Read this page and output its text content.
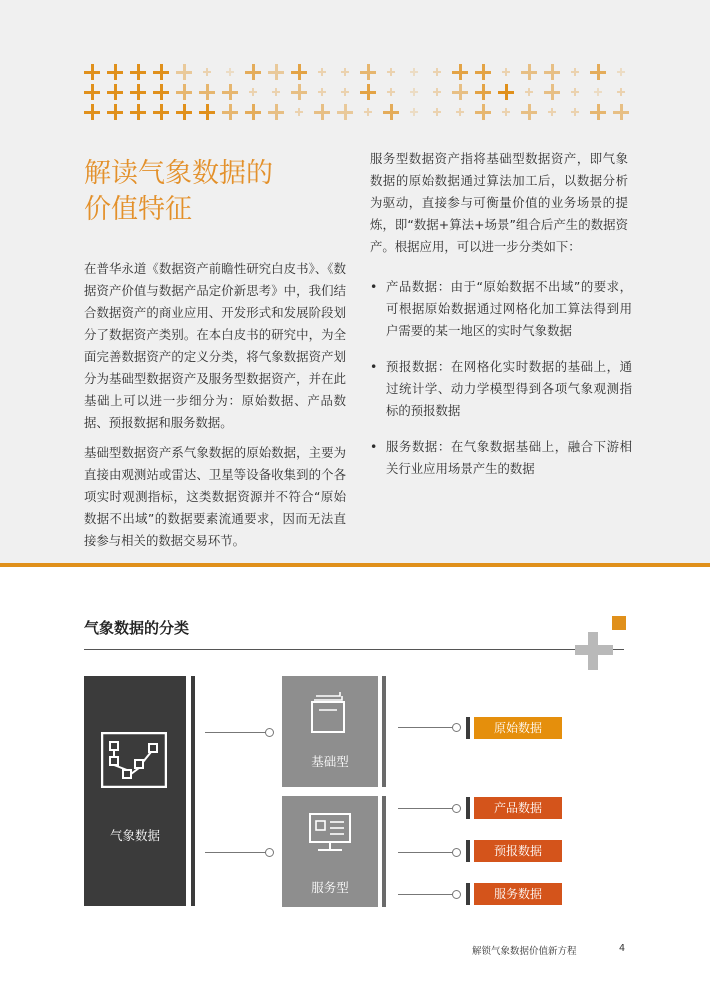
解读气象数据的
价值特征

在普华永道《数据资产前瞻性研究白皮书》、《数据资产价值与数据产品定价新思考》中，我们结合数据资产的商业应用、开发形式和发展阶段划分了数据资产类别。在本白皮书的研究中，为全面完善数据资产的定义分类，将气象数据资产划分为基础型数据资产及服务型数据资产，并在此基础上可以进一步细分为：原始数据、产品数据、预报数据和服务数据。

基础型数据资产系气象数据的原始数据，主要为直接由观测站或雷达、卫星等设备收集到的个各项实时观测指标，这类数据资源并不符合“原始数据不出域”的数据要素流通要求，因而无法直接参与相关的数据交易环节。

服务型数据资产指将基础型数据资产，即气象数据的原始数据通过算法加工后，以数据分析为驱动，直接参与可衡量价值的业务场景的提炼，即“数据+算法+场景”组合后产生的数据资产。根据应用，可以进一步分类如下：

• 产品数据：由于“原始数据不出域”的要求，可根据原始数据通过网格化加工算法得到用户需要的某一地区的实时气象数据
• 预报数据：在网格化实时数据的基础上，通过统计学、动力学模型得到各项气象观测指标的预报数据
• 服务数据：在气象数据基础上，融合下游相关行业应用场景产生的数据
气象数据的分类
气象数据
基础型
服务型
原始数据
产品数据
预报数据
服务数据
解锁气象数据价值新方程	4
